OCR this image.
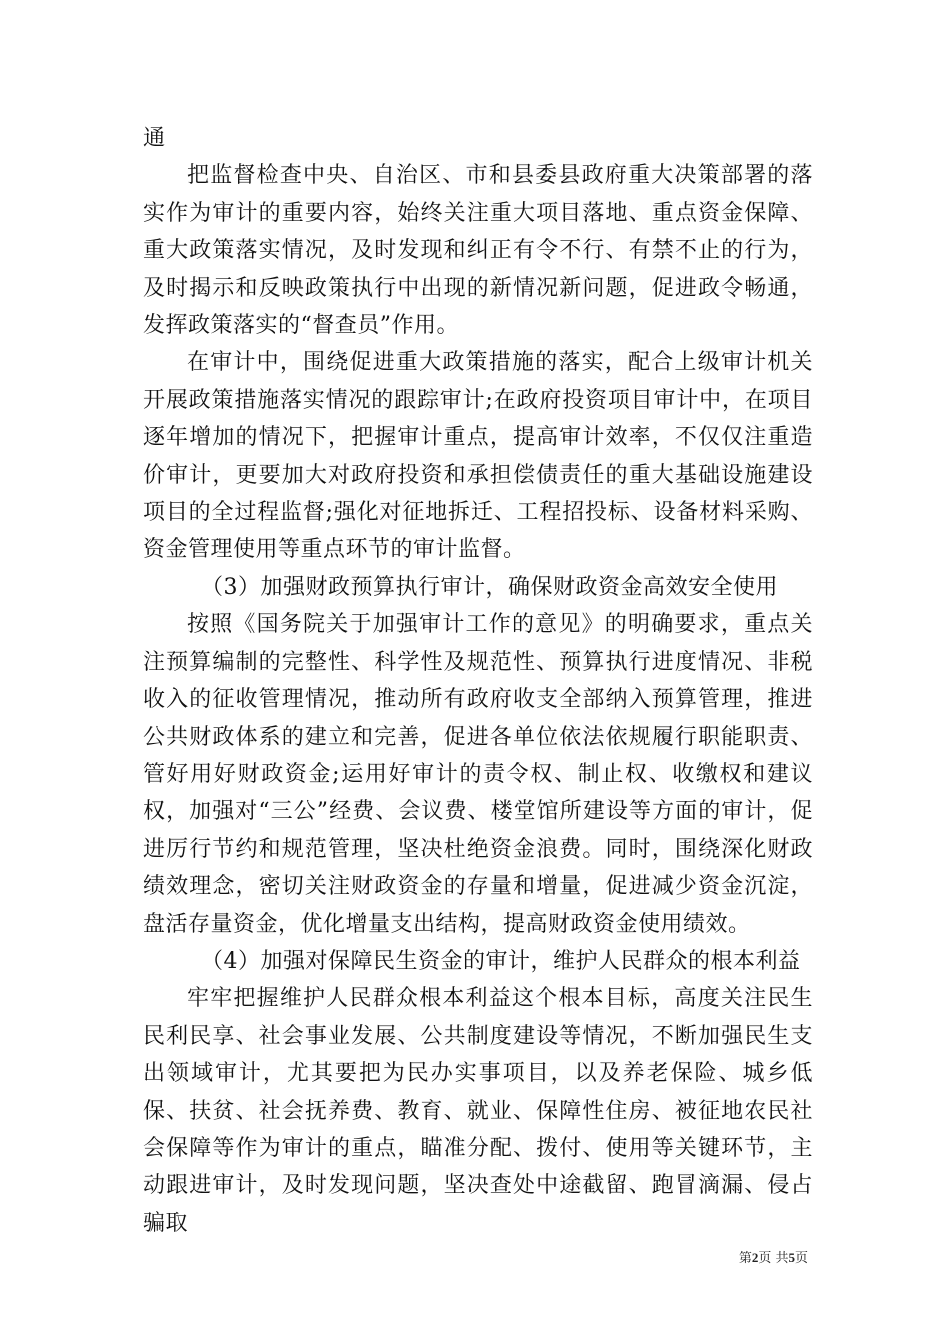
通

把监督检查中央、自治区、市和县委县政府重大决策部署的落实作为审计的重要内容，始终关注重大项目落地、重点资金保障、重大政策落实情况，及时发现和纠正有令不行、有禁不止的行为，及时揭示和反映政策执行中出现的新情况新问题，促进政令畅通，发挥政策落实的“督查员”作用。

在审计中，围绕促进重大政策措施的落实，配合上级审计机关开展政策措施落实情况的跟踪审计;在政府投资项目审计中，在项目逐年增加的情况下，把握审计重点，提高审计效率，不仅仅注重造价审计，更要加大对政府投资和承担偿债责任的重大基础设施建设项目的全过程监督;强化对征地拆迁、工程招投标、设备材料采购、资金管理使用等重点环节的审计监督。

（3）加强财政预算执行审计，确保财政资金高效安全使用

按照《国务院关于加强审计工作的意见》的明确要求，重点关注预算编制的完整性、科学性及规范性、预算执行进度情况、非税收入的征收管理情况，推动所有政府收支全部纳入预算管理，推进公共财政体系的建立和完善，促进各单位依法依规履行职能职责、管好用好财政资金;运用好审计的责令权、制止权、收缴权和建议权，加强对“三公”经费、会议费、楼堂馆所建设等方面的审计，促进厉行节约和规范管理，坚决杜绝资金浪费。同时，围绕深化财政绩效理念，密切关注财政资金的存量和增量，促进减少资金沉淀，盘活存量资金，优化增量支出结构，提高财政资金使用绩效。

（4）加强对保障民生资金的审计，维护人民群众的根本利益

牢牢把握维护人民群众根本利益这个根本目标，高度关注民生民利民享、社会事业发展、公共制度建设等情况，不断加强民生支出领域审计，尤其要把为民办实事项目，以及养老保险、城乡低保、扶贫、社会抚养费、教育、就业、保障性住房、被征地农民社会保障等作为审计的重点，瞄准分配、拨付、使用等关键环节，主动跟进审计，及时发现问题，坚决查处中途截留、跑冒滴漏、侵占骗取

第2页 共5页
